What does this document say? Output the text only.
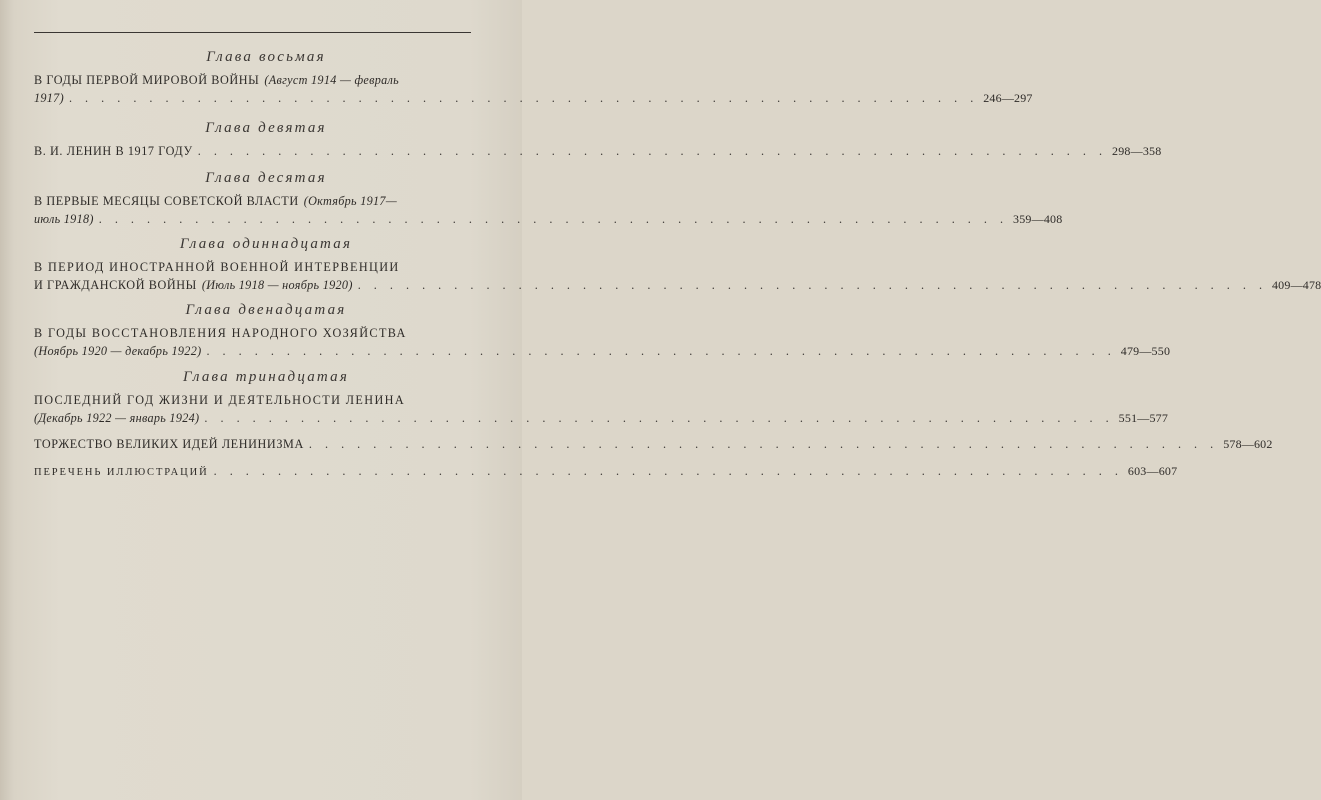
Глава восьмая
В ГОДЫ ПЕРВОЙ МИРОВОЙ ВОЙНЫ (Август 1914 — февраль
1917) . . . . . . . . . . . . . . . . . . . . . . . . . . . . . . . . . . . . . . . . . . . . . . . . . . . . . . . . . 246—297
Глава девятая
В. И. ЛЕНИН В 1917 ГОДУ . . . . . . . . . . . . . . . . . . . . . . . . . . . . . . . . . . . . . . . . . . . . . . . . . . . . . . . . . 298—358
Глава десятая
В ПЕРВЫЕ МЕСЯЦЫ СОВЕТСКОЙ ВЛАСТИ (Октябрь 1917—
июль 1918) . . . . . . . . . . . . . . . . . . . . . . . . . . . . . . . . . . . . . . . . . . . . . . . . . . . . . . . . . 359—408
Глава одиннадцатая
В ПЕРИОД ИНОСТРАННОЙ ВОЕННОЙ ИНТЕРВЕНЦИИ
И ГРАЖДАНСКОЙ ВОЙНЫ (Июль 1918 — ноябрь 1920) . . . . . . . . . . . . . . . . . . . . . . . . . . . . . . . . . . . . . . . . . . . . . . . . . . . . . . . . . 409—478
Глава двенадцатая
В ГОДЫ ВОССТАНОВЛЕНИЯ НАРОДНОГО ХОЗЯЙСТВА
(Ноябрь 1920 — декабрь 1922) . . . . . . . . . . . . . . . . . . . . . . . . . . . . . . . . . . . . . . . . . . . . . . . . . . . . . . . . . 479—550
Глава тринадцатая
ПОСЛЕДНИЙ ГОД ЖИЗНИ И ДЕЯТЕЛЬНОСТИ ЛЕНИНА
(Декабрь 1922 — январь 1924) . . . . . . . . . . . . . . . . . . . . . . . . . . . . . . . . . . . . . . . . . . . . . . . . . . . . . . . . . 551—577
ТОРЖЕСТВО ВЕЛИКИХ ИДЕЙ ЛЕНИНИЗМА . . . . . . . . . . . . . . . . . . . . . . . . . . . . . . . . . . . . . . . . . . . . . . . . . . . . . . . . . 578—602
ПЕРЕЧЕНЬ ИЛЛЮСТРАЦИЙ . . . . . . . . . . . . . . . . . . . . . . . . . . . . . . . . . . . . . . . . . . . . . . . . . . . . . . . . . 603—607
